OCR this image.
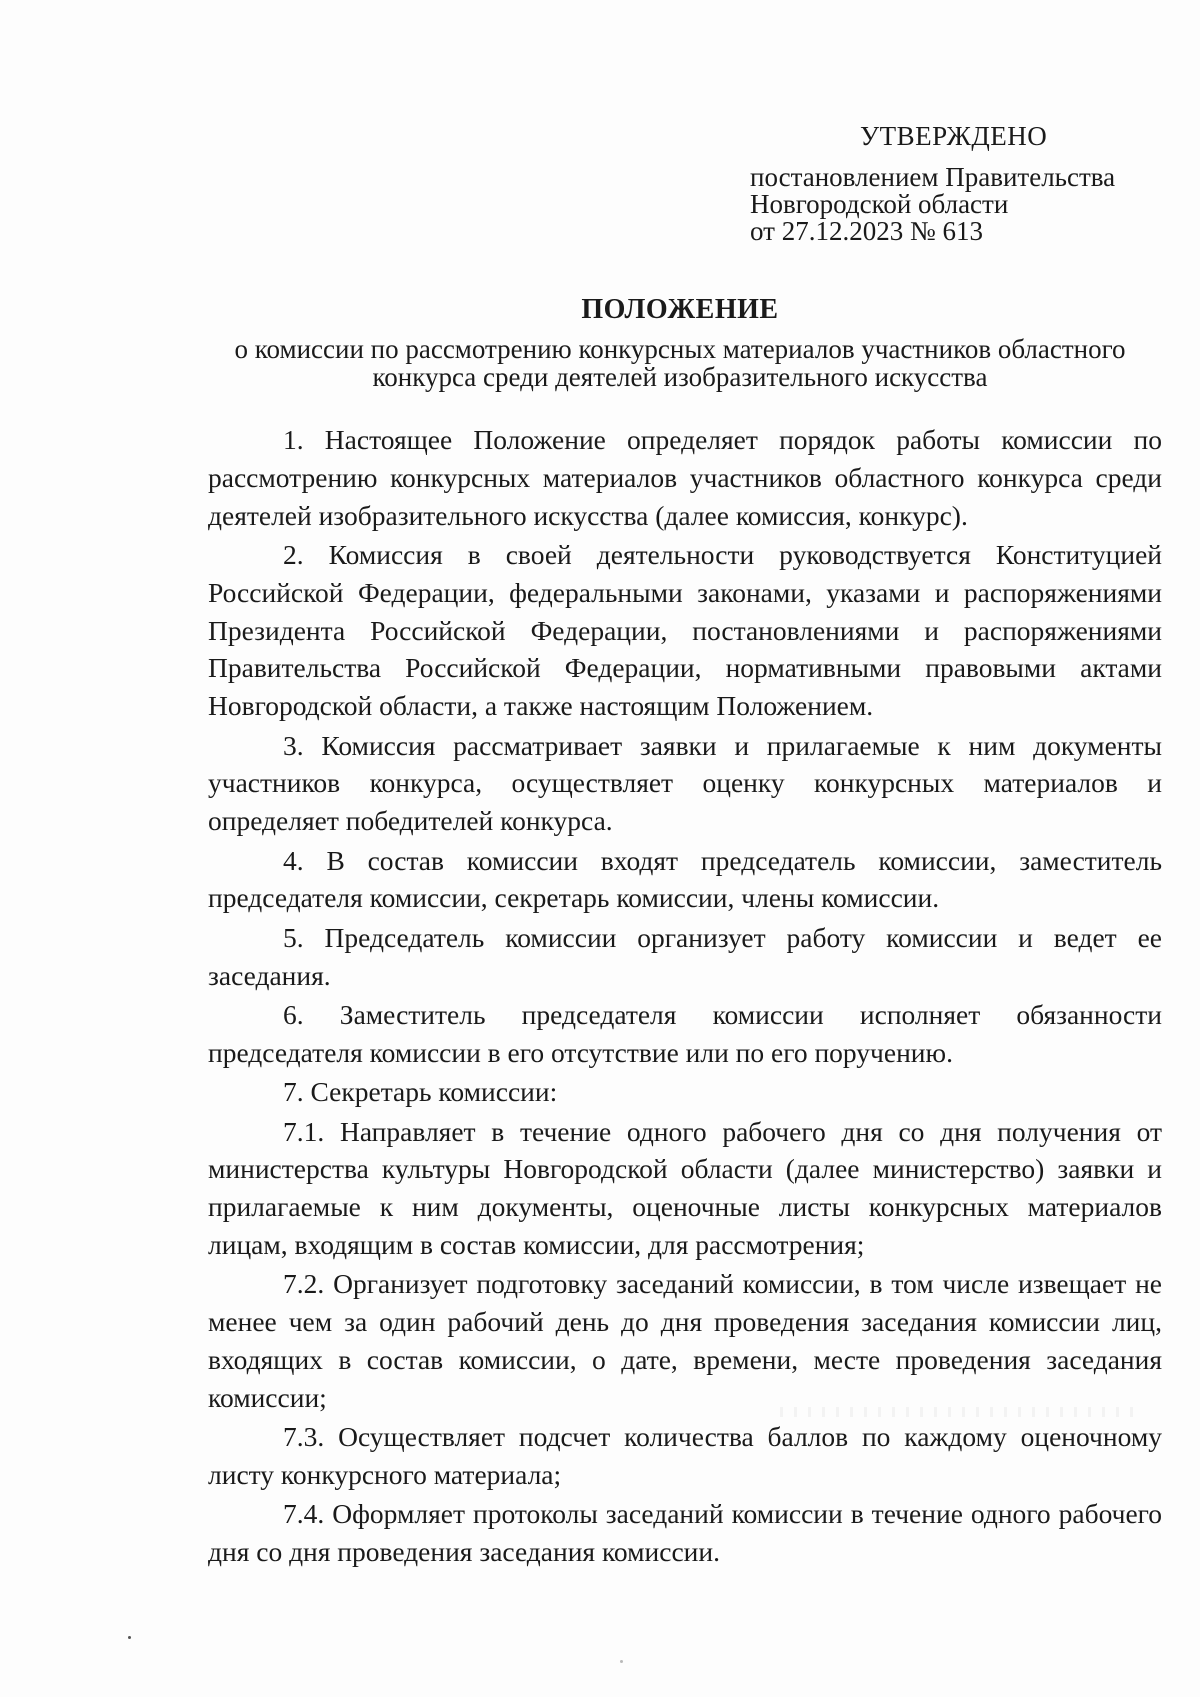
УТВЕРЖДЕНО
постановлением Правительства
Новгородской области
от 27.12.2023 № 613
ПОЛОЖЕНИЕ
о комиссии по рассмотрению конкурсных материалов участников областного
конкурса среди деятелей изобразительного искусства

1. Настоящее Положение определяет порядок работы комиссии по рассмотрению конкурсных материалов участников областного конкурса среди деятелей изобразительного искусства (далее комиссия, конкурс).

2. Комиссия в своей деятельности руководствуется Конституцией Российской Федерации, федеральными законами, указами и распоряжениями Президента Российской Федерации, постановлениями и распоряжениями Правительства Российской Федерации, нормативными правовыми актами Новгородской области, а также настоящим Положением.

3. Комиссия рассматривает заявки и прилагаемые к ним документы участников конкурса, осуществляет оценку конкурсных материалов и определяет победителей конкурса.

4. В состав комиссии входят председатель комиссии, заместитель председателя комиссии, секретарь комиссии, члены комиссии.

5. Председатель комиссии организует работу комиссии и ведет ее заседания.

6. Заместитель председателя комиссии исполняет обязанности председателя комиссии в его отсутствие или по его поручению.

7. Секретарь комиссии:

7.1. Направляет в течение одного рабочего дня со дня получения от министерства культуры Новгородской области (далее министерство) заявки и прилагаемые к ним документы, оценочные листы конкурсных материалов лицам, входящим в состав комиссии, для рассмотрения;

7.2. Организует подготовку заседаний комиссии, в том числе извещает не менее чем за один рабочий день до дня проведения заседания комиссии лиц, входящих в состав комиссии, о дате, времени, месте проведения заседания комиссии;

7.3. Осуществляет подсчет количества баллов по каждому оценочному листу конкурсного материала;

7.4. Оформляет протоколы заседаний комиссии в течение одного рабочего дня со дня проведения заседания комиссии.
